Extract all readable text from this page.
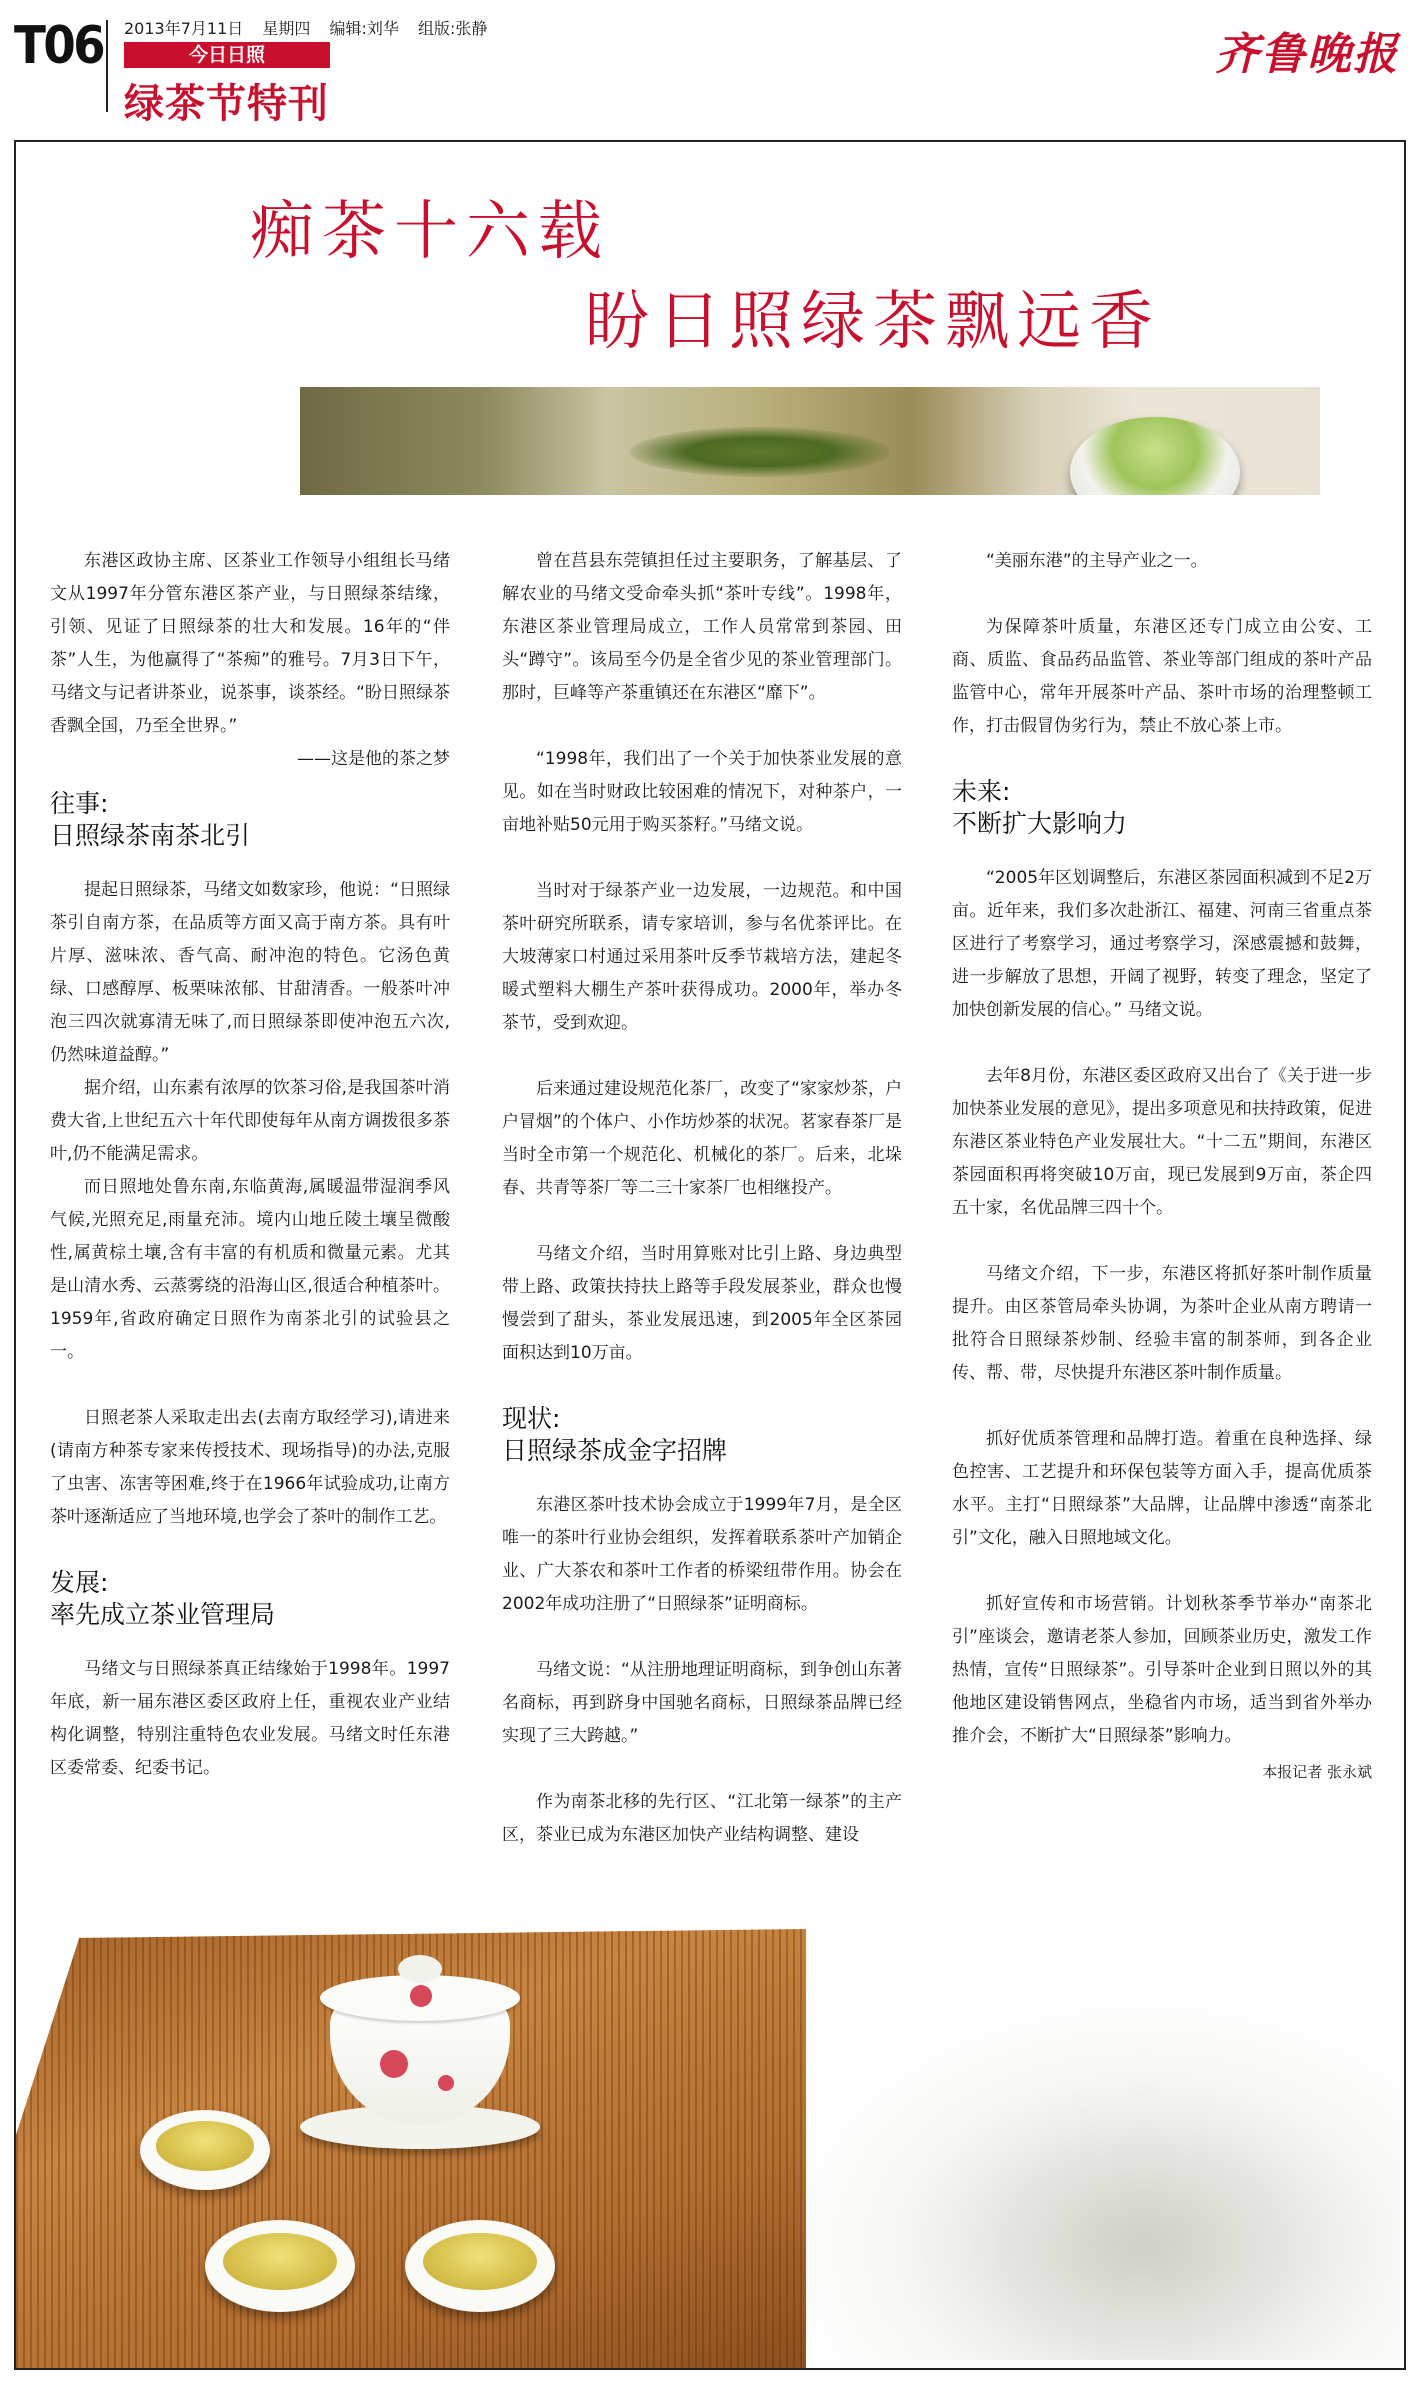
T06 2013年7月11日 星期四 编辑:刘华 组版:张静
今日日照
绿茶节特刊
齐鲁晚报
痴茶十六载
盼日照绿茶飘远香

东港区政协主席、区茶业工作领导小组组长马绪文从1997年分管东港区茶产业，与日照绿茶结缘，引领、见证了日照绿茶的壮大和发展。16年的“伴茶”人生，为他赢得了“茶痴”的雅号。7月3日下午，马绪文与记者讲茶业，说茶事，谈茶经。“盼日照绿茶香飘全国，乃至全世界。”

——这是他的茶之梦

往事:
日照绿茶南茶北引

提起日照绿茶，马绪文如数家珍，他说：“日照绿茶引自南方茶，在品质等方面又高于南方茶。具有叶片厚、滋味浓、香气高、耐冲泡的特色。它汤色黄绿、口感醇厚、板栗味浓郁、甘甜清香。一般茶叶冲泡三四次就寡清无味了,而日照绿茶即使冲泡五六次,仍然味道益醇。”

据介绍，山东素有浓厚的饮茶习俗,是我国茶叶消费大省,上世纪五六十年代即使每年从南方调拨很多茶叶,仍不能满足需求。

而日照地处鲁东南,东临黄海,属暖温带湿润季风气候,光照充足,雨量充沛。境内山地丘陵土壤呈微酸性,属黄棕土壤,含有丰富的有机质和微量元素。尤其是山清水秀、云蒸雾绕的沿海山区,很适合种植茶叶。1959年,省政府确定日照作为南茶北引的试验县之一。

日照老茶人采取走出去(去南方取经学习),请进来(请南方种茶专家来传授技术、现场指导)的办法,克服了虫害、冻害等困难,终于在1966年试验成功,让南方茶叶逐渐适应了当地环境,也学会了茶叶的制作工艺。

发展:
率先成立茶业管理局

马绪文与日照绿茶真正结缘始于1998年。1997年底，新一届东港区委区政府上任，重视农业产业结构化调整，特别注重特色农业发展。马绪文时任东港区委常委、纪委书记。

曾在莒县东莞镇担任过主要职务，了解基层、了解农业的马绪文受命牵头抓“茶叶专线”。1998年，东港区茶业管理局成立，工作人员常常到茶园、田头“蹲守”。该局至今仍是全省少见的茶业管理部门。那时，巨峰等产茶重镇还在东港区“靡下”。

“1998年，我们出了一个关于加快茶业发展的意见。如在当时财政比较困难的情况下，对种茶户，一亩地补贴50元用于购买茶籽。”马绪文说。

当时对于绿茶产业一边发展，一边规范。和中国茶叶研究所联系，请专家培训，参与名优茶评比。在大坡薄家口村通过采用茶叶反季节栽培方法，建起冬暖式塑料大棚生产茶叶获得成功。2000年，举办冬茶节，受到欢迎。

后来通过建设规范化茶厂，改变了“家家炒茶，户户冒烟”的个体户、小作坊炒茶的状况。茗家春茶厂是当时全市第一个规范化、机械化的茶厂。后来，北垛春、共青等茶厂等二三十家茶厂也相继投产。

马绪文介绍，当时用算账对比引上路、身边典型带上路、政策扶持扶上路等手段发展茶业，群众也慢慢尝到了甜头，茶业发展迅速，到2005年全区茶园面积达到10万亩。

现状:
日照绿茶成金字招牌

东港区茶叶技术协会成立于1999年7月，是全区唯一的茶叶行业协会组织，发挥着联系茶叶产加销企业、广大茶农和茶叶工作者的桥梁纽带作用。协会在2002年成功注册了“日照绿茶”证明商标。

马绪文说：“从注册地理证明商标，到争创山东著名商标，再到跻身中国驰名商标，日照绿茶品牌已经实现了三大跨越。”

作为南茶北移的先行区、“江北第一绿茶”的主产区，茶业已成为东港区加快产业结构调整、建设

“美丽东港”的主导产业之一。

为保障茶叶质量，东港区还专门成立由公安、工商、质监、食品药品监管、茶业等部门组成的茶叶产品监管中心，常年开展茶叶产品、茶叶市场的治理整顿工作，打击假冒伪劣行为，禁止不放心茶上市。

未来:
不断扩大影响力

“2005年区划调整后，东港区茶园面积减到不足2万亩。近年来，我们多次赴浙江、福建、河南三省重点茶区进行了考察学习，通过考察学习，深感震撼和鼓舞，进一步解放了思想，开阔了视野，转变了理念，坚定了加快创新发展的信心。” 马绪文说。

去年8月份，东港区委区政府又出台了《关于进一步加快茶业发展的意见》，提出多项意见和扶持政策，促进东港区茶业特色产业发展壮大。“十二五”期间，东港区茶园面积再将突破10万亩，现已发展到9万亩，茶企四五十家，名优品牌三四十个。

马绪文介绍，下一步，东港区将抓好茶叶制作质量提升。由区茶管局牵头协调，为茶叶企业从南方聘请一批符合日照绿茶炒制、经验丰富的制茶师，到各企业传、帮、带，尽快提升东港区茶叶制作质量。

抓好优质茶管理和品牌打造。着重在良种选择、绿色控害、工艺提升和环保包装等方面入手，提高优质茶水平。主打“日照绿茶”大品牌，让品牌中渗透“南茶北引”文化，融入日照地域文化。

抓好宣传和市场营销。计划秋茶季节举办“南茶北引”座谈会，邀请老茶人参加，回顾茶业历史，激发工作热情，宣传“日照绿茶”。引导茶叶企业到日照以外的其他地区建设销售网点，坐稳省内市场，适当到省外举办推介会，不断扩大“日照绿茶”影响力。

本报记者 张永斌
